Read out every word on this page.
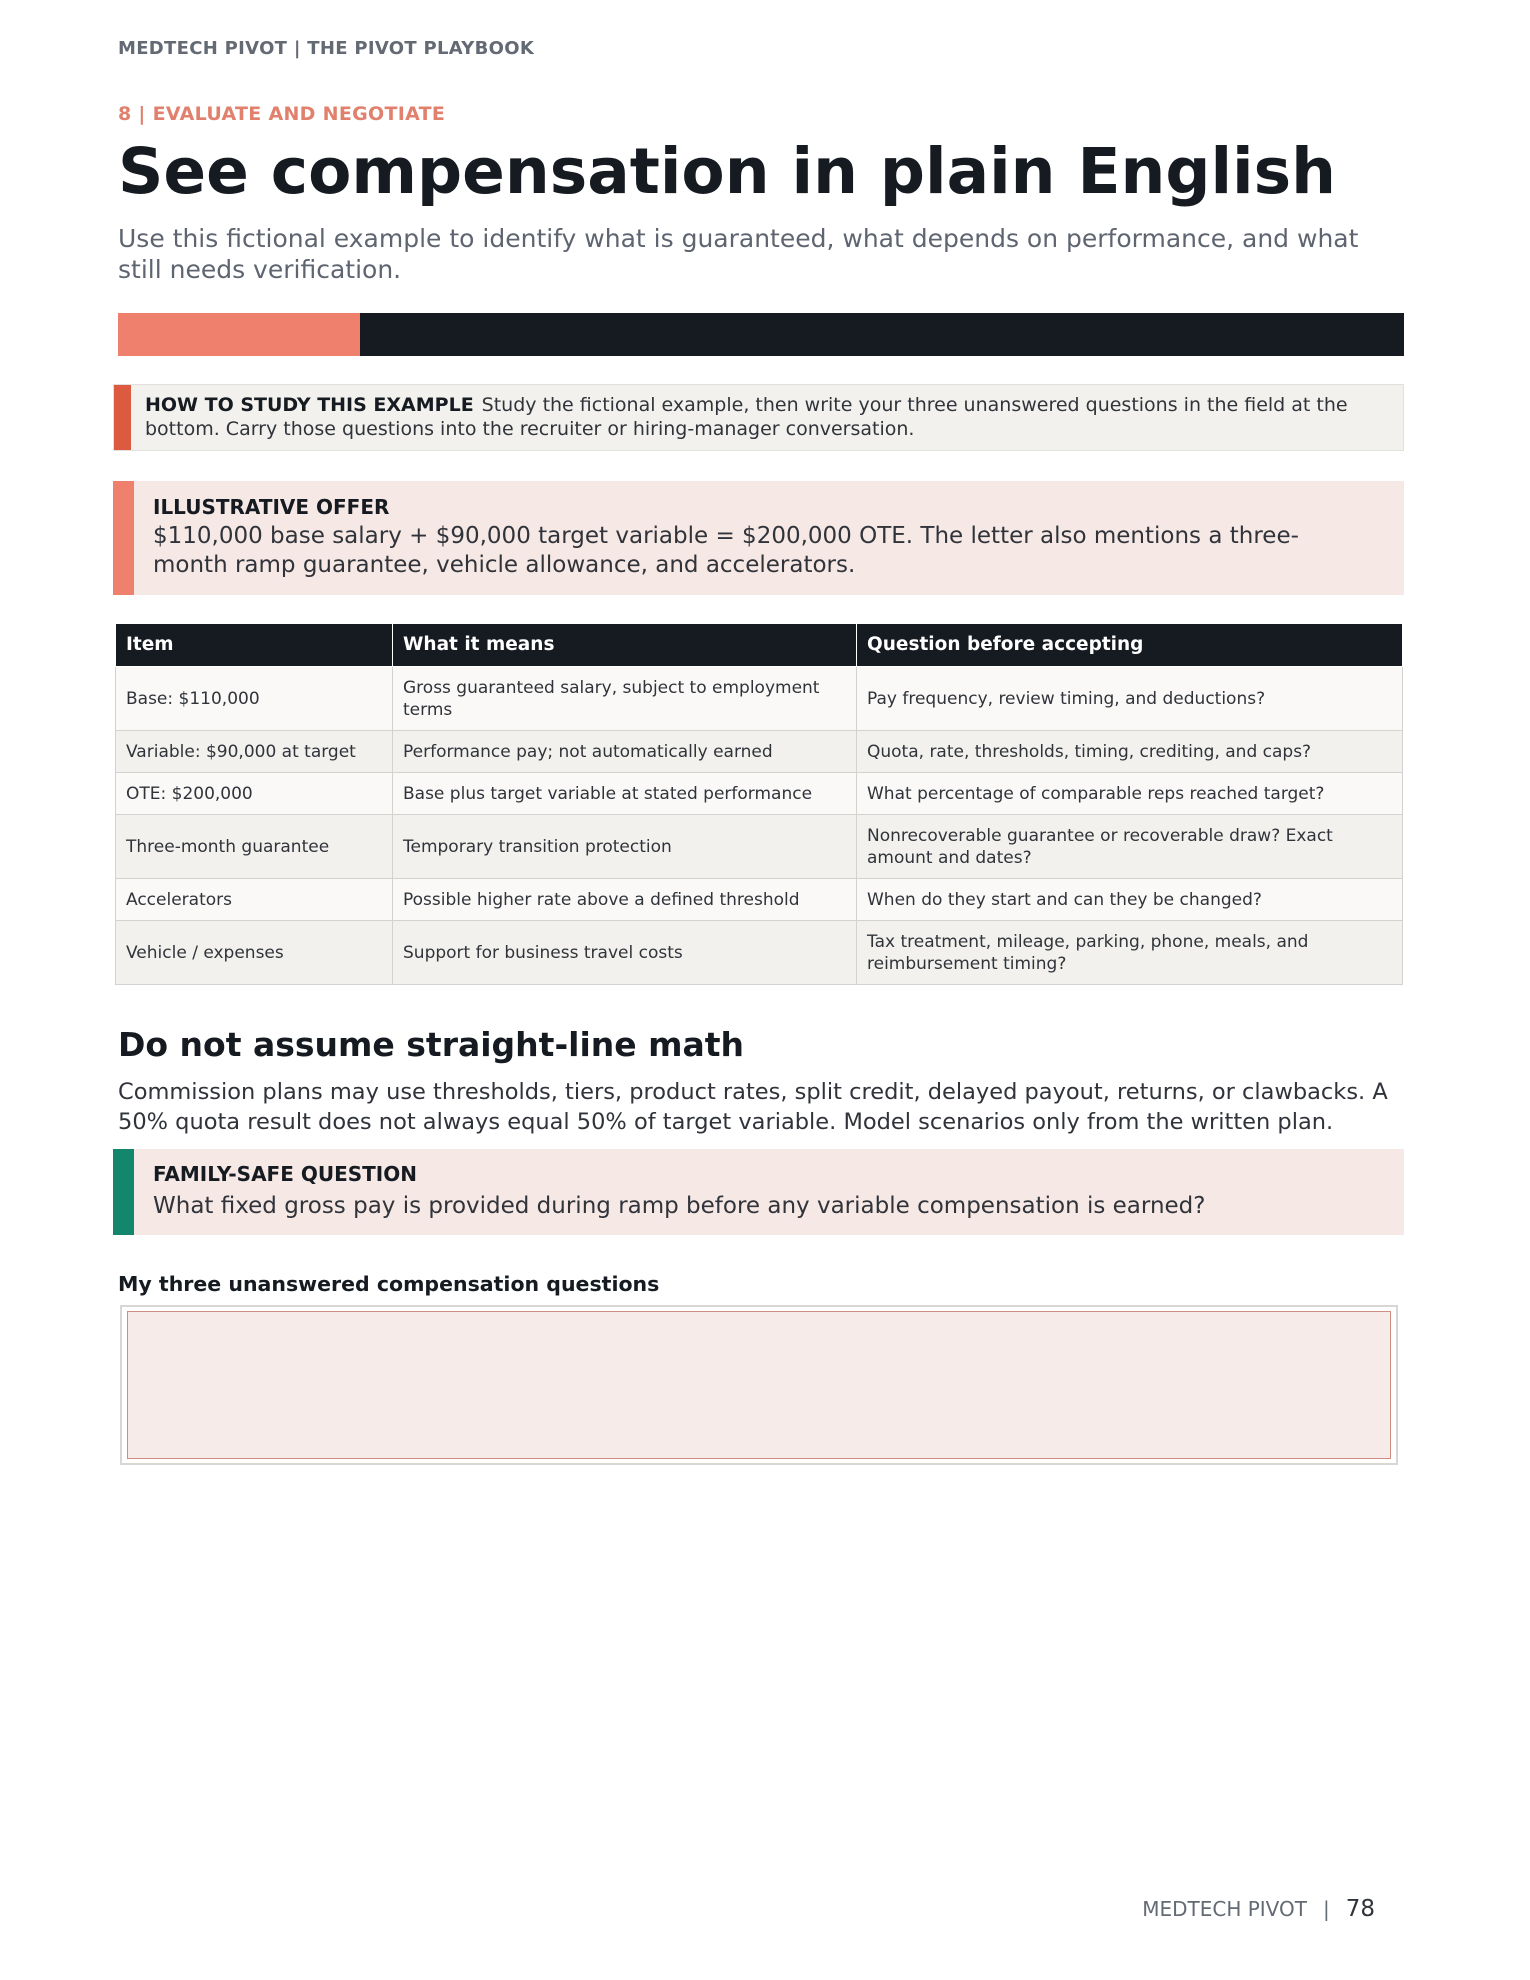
MEDTECH PIVOT | THE PIVOT PLAYBOOK
8 | EVALUATE AND NEGOTIATE
See compensation in plain English

Use this fictional example to identify what is guaranteed, what depends on performance, and what still needs verification.

HOW TO STUDY THIS EXAMPLE Study the fictional example, then write your three unanswered questions in the field at the bottom. Carry those questions into the recruiter or hiring-manager conversation.

ILLUSTRATIVE OFFER

$110,000 base salary + $90,000 target variable = $200,000 OTE. The letter also mentions a three-month ramp guarantee, vehicle allowance, and accelerators.

Item	What it means	Question before accepting
Base: $110,000	Gross guaranteed salary, subject to employment terms	Pay frequency, review timing, and deductions?
Variable: $90,000 at target	Performance pay; not automatically earned	Quota, rate, thresholds, timing, crediting, and caps?
OTE: $200,000	Base plus target variable at stated performance	What percentage of comparable reps reached target?
Three-month guarantee	Temporary transition protection	Nonrecoverable guarantee or recoverable draw? Exact amount and dates?
Accelerators	Possible higher rate above a defined threshold	When do they start and can they be changed?
Vehicle / expenses	Support for business travel costs	Tax treatment, mileage, parking, phone, meals, and reimbursement timing?
Do not assume straight-line math

Commission plans may use thresholds, tiers, product rates, split credit, delayed payout, returns, or clawbacks. A 50% quota result does not always equal 50% of target variable. Model scenarios only from the written plan.

FAMILY-SAFE QUESTION

What fixed gross pay is provided during ramp before any variable compensation is earned?

My three unanswered compensation questions
MEDTECH PIVOT | 78
